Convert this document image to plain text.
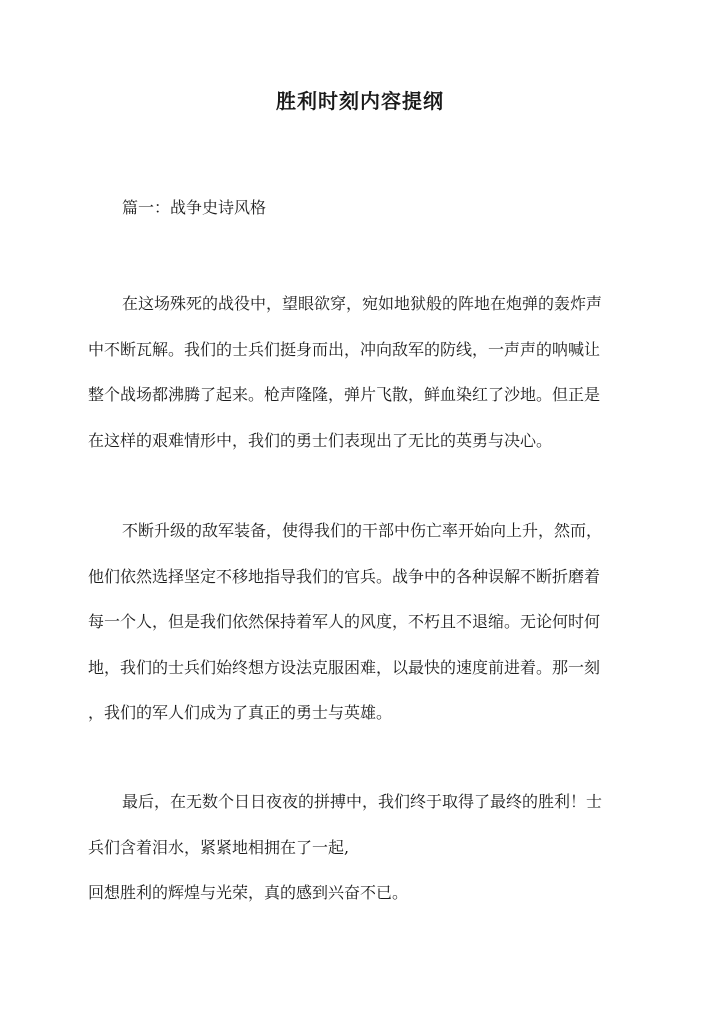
胜利时刻内容提纲
篇一：战争史诗风格
在这场殊死的战役中，望眼欲穿，宛如地狱般的阵地在炮弹的轰炸声
中不断瓦解。我们的士兵们挺身而出，冲向敌军的防线，一声声的呐喊让
整个战场都沸腾了起来。枪声隆隆，弹片飞散，鲜血染红了沙地。但正是
在这样的艰难情形中，我们的勇士们表现出了无比的英勇与决心。
不断升级的敌军装备，使得我们的干部中伤亡率开始向上升，然而，
他们依然选择坚定不移地指导我们的官兵。战争中的各种误解不断折磨着
每一个人，但是我们依然保持着军人的风度，不朽且不退缩。无论何时何
地，我们的士兵们始终想方设法克服困难，以最快的速度前进着。那一刻
，我们的军人们成为了真正的勇士与英雄。
最后，在无数个日日夜夜的拼搏中，我们终于取得了最终的胜利！士
兵们含着泪水，紧紧地相拥在了一起,
回想胜利的辉煌与光荣，真的感到兴奋不已。
